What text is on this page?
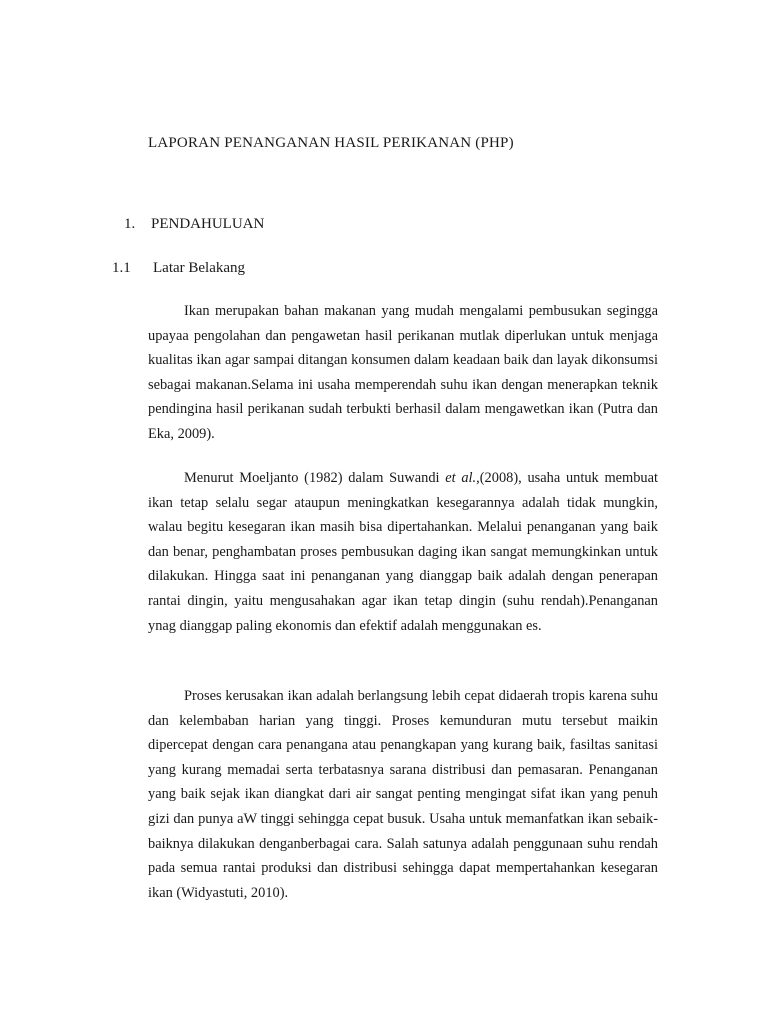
LAPORAN PENANGANAN HASIL PERIKANAN (PHP)
1. PENDAHULUAN
1.1 Latar Belakang

Ikan merupakan bahan makanan yang mudah mengalami pembusukan segingga upayaa pengolahan dan pengawetan hasil perikanan mutlak diperlukan untuk menjaga kualitas ikan agar sampai ditangan konsumen dalam keadaan baik dan layak dikonsumsi sebagai makanan.Selama ini usaha memperendah suhu ikan dengan menerapkan teknik pendingina hasil perikanan sudah terbukti berhasil dalam mengawetkan ikan (Putra dan Eka, 2009).

Menurut Moeljanto (1982) dalam Suwandi et al.,(2008), usaha untuk membuat ikan tetap selalu segar ataupun meningkatkan kesegarannya adalah tidak mungkin, walau begitu kesegaran ikan masih bisa dipertahankan. Melalui penanganan yang baik dan benar, penghambatan proses pembusukan daging ikan sangat memungkinkan untuk dilakukan. Hingga saat ini penanganan yang dianggap baik adalah dengan penerapan rantai dingin, yaitu mengusahakan agar ikan tetap dingin (suhu rendah).Penanganan ynag dianggap paling ekonomis dan efektif adalah menggunakan es.

Proses kerusakan ikan adalah berlangsung lebih cepat didaerah tropis karena suhu dan kelembaban harian yang tinggi. Proses kemunduran mutu tersebut maikin dipercepat dengan cara penangana atau penangkapan yang kurang baik, fasiltas sanitasi yang kurang memadai serta terbatasnya sarana distribusi dan pemasaran. Penanganan yang baik sejak ikan diangkat dari air sangat penting mengingat sifat ikan yang penuh gizi dan punya aW tinggi sehingga cepat busuk. Usaha untuk memanfatkan ikan sebaik-baiknya dilakukan denganberbagai cara. Salah satunya adalah penggunaan suhu rendah pada semua rantai produksi dan distribusi sehingga dapat mempertahankan kesegaran ikan (Widyastuti, 2010).
